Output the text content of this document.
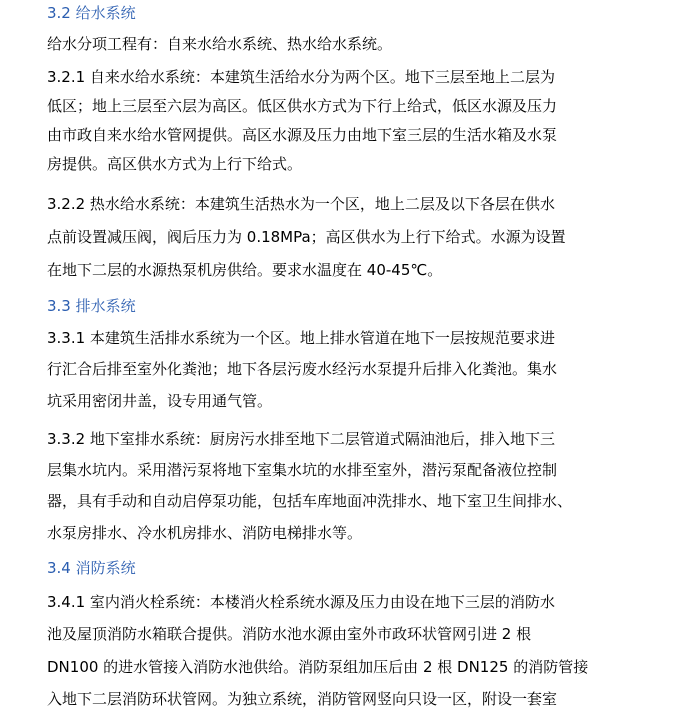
3.2 给水系统
给水分项工程有：自来水给水系统、热水给水系统。
3.2.1 自来水给水系统：本建筑生活给水分为两个区。地下三层至地上二层为
低区；地上三层至六层为高区。低区供水方式为下行上给式，低区水源及压力
由市政自来水给水管网提供。高区水源及压力由地下室三层的生活水箱及水泵
房提供。高区供水方式为上行下给式。
3.2.2 热水给水系统：本建筑生活热水为一个区，地上二层及以下各层在供水
点前设置减压阀，阀后压力为 0.18MPa；高区供水为上行下给式。水源为设置
在地下二层的水源热泵机房供给。要求水温度在 40-45℃。
3.3 排水系统
3.3.1 本建筑生活排水系统为一个区。地上排水管道在地下一层按规范要求进
行汇合后排至室外化粪池；地下各层污废水经污水泵提升后排入化粪池。集水
坑采用密闭井盖，设专用通气管。
3.3.2 地下室排水系统：厨房污水排至地下二层管道式隔油池后，排入地下三
层集水坑内。采用潜污泵将地下室集水坑的水排至室外，潜污泵配备液位控制
器，具有手动和自动启停泵功能，包括车库地面冲洗排水、地下室卫生间排水、
水泵房排水、冷水机房排水、消防电梯排水等。
3.4 消防系统
3.4.1 室内消火栓系统：本楼消火栓系统水源及压力由设在地下三层的消防水
池及屋顶消防水箱联合提供。消防水池水源由室外市政环状管网引进 2 根
DN100 的进水管接入消防水池供给。消防泵组加压后由 2 根 DN125 的消防管接
入地下二层消防环状管网。为独立系统，消防管网竖向只设一区，附设一套室
